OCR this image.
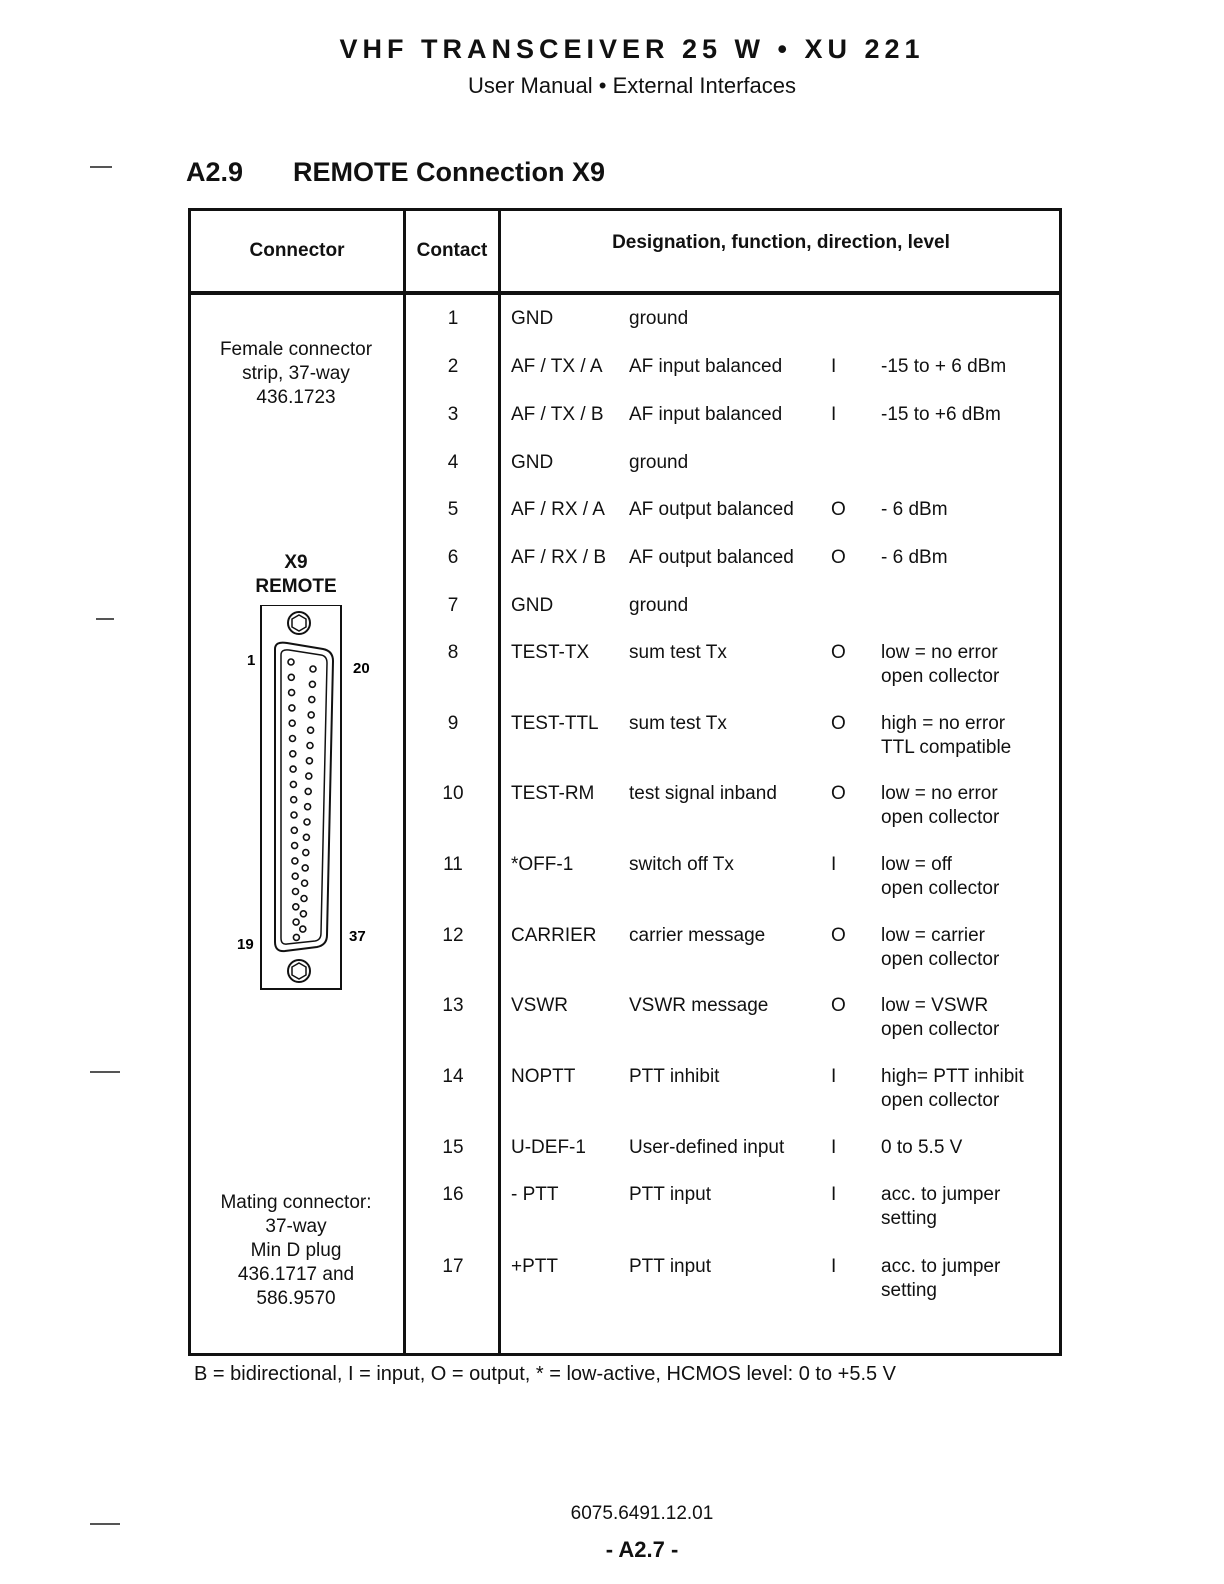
VHF TRANSCEIVER 25 W • XU 221
User Manual • External Interfaces
A2.9 REMOTE Connection X9
Connector	Contact	Designation, function, direction, level
Female connector
strip, 37-way
436.1723
X9
REMOTE
1	20
19	37
Mating connector:
37-way
Min D plug
436.1717 and
586.9570
1	GND	ground
2	AF / TX / A	AF input balanced	I	-15 to + 6 dBm
3	AF / TX / B	AF input balanced	I	-15 to +6 dBm
4	GND	ground
5	AF / RX / A	AF output balanced	O - 6 dBm
6	AF / RX / B	AF output balanced	O - 6 dBm
7	GND	ground
8	TEST-TX	sum test Tx	O low = no error
open collector
9	TEST-TTL	sum test Tx	O high = no error
TTL compatible
10	TEST-RM	test signal inband	O low = no error
open collector
11	*OFF-1	switch off Tx	I	low = off
open collector
12	CARRIER	carrier message	O low = carrier
open collector
13	VSWR	VSWR message	O low = VSWR
open collector
14	NOPTT	PTT inhibit	I	high= PTT inhibit
open collector
15	U-DEF-1	User-defined input	I	0 to 5.5 V
16	- PTT	PTT input	I	acc. to jumper
setting
17	+PTT	PTT input	I	acc. to jumper
setting
B = bidirectional, I = input, O = output, * = low-active, HCMOS level: 0 to +5.5 V
6075.6491.12.01
- A2.7 -
